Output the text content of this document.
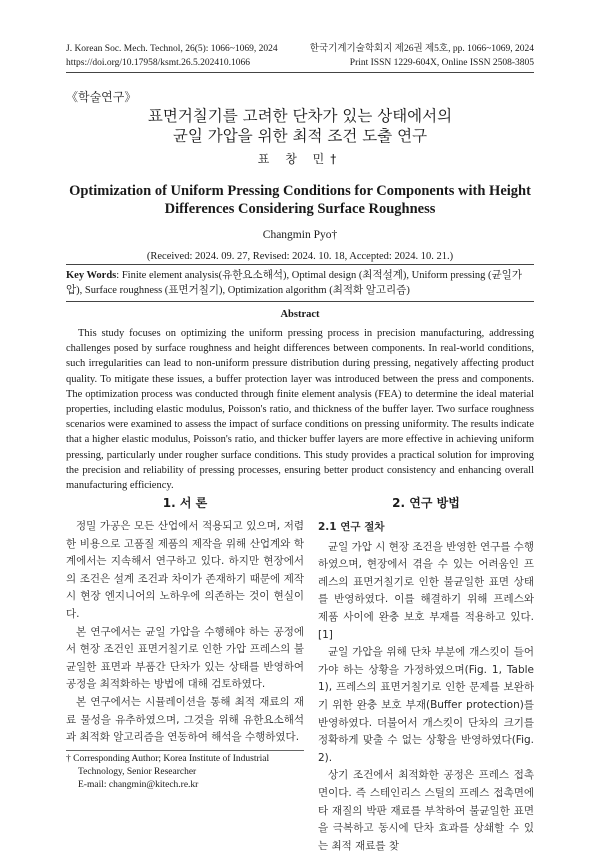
J. Korean Soc. Mech. Technol, 26(5): 1066~1069, 2024
https://doi.org/10.17958/ksmt.26.5.202410.1066
한국기계기술학회지 제26권 제5호, pp. 1066~1069, 2024
Print ISSN 1229-604X, Online ISSN 2508-3805
《학술연구》
표면거칠기를 고려한 단차가 있는 상태에서의
균일 가압을 위한 최적 조건 도출 연구
표 창 민†
Optimization of Uniform Pressing Conditions for Components with Height
Differences Considering Surface Roughness
Changmin Pyo†
(Received: 2024. 09. 27, Revised: 2024. 10. 18, Accepted: 2024. 10. 21.)
Key Words: Finite element analysis(유한요소해석), Optimal design (최적설계), Uniform pressing (균일가압), Surface roughness (표면거칠기), Optimization algorithm (최적화 알고리즘)
Abstract
This study focuses on optimizing the uniform pressing process in precision manufacturing, addressing challenges posed by surface roughness and height differences between components. In real-world conditions, such irregularities can lead to non-uniform pressure distribution during pressing, negatively affecting product quality. To mitigate these issues, a buffer protection layer was introduced between the press and components. The optimization process was conducted through finite element analysis (FEA) to determine the ideal material properties, including elastic modulus, Poisson's ratio, and thickness of the buffer layer. Two surface roughness scenarios were examined to assess the impact of surface conditions on pressing uniformity. The results indicate that a higher elastic modulus, Poisson's ratio, and thicker buffer layers are more effective in achieving uniform pressing, particularly under rougher surface conditions. This study provides a practical solution for improving the precision and reliability of pressing processes, ensuring better product consistency and enhancing overall manufacturing efficiency.
1. 서 론	2. 연구 방법

정밀 가공은 모든 산업에서 적용되고 있으며, 저렴한 비용으로 고품질 제품의 제작을 위해 산업계와 학계에서는 지속해서 연구하고 있다. 하지만 현장에서의 조건은 설계 조건과 차이가 존재하기 때문에 제작 시 현장 엔지니어의 노하우에 의존하는 것이 현실이다.

본 연구에서는 균일 가압을 수행해야 하는 공정에서 현장 조건인 표면거칠기로 인한 가압 프레스의 불균일한 표면과 부품간 단차가 있는 상태를 반영하여 공정을 최적화하는 방법에 대해 검토하였다.

본 연구에서는 시뮬레이션을 통해 최적 재료의 재료 물성을 유추하였으며, 그것을 위해 유한요소해석과 최적화 알고리즘을 연동하여 해석을 수행하였다.

† Corresponding Author; Korea Institute of Industrial
Technology, Senior Researcher
E-mail: changmin@kitech.re.kr
2.1 연구 절차

균일 가압 시 현장 조건을 반영한 연구를 수행하였으며, 현장에서 겪을 수 있는 어려움인 프레스의 표면거칠기로 인한 불균일한 표면 상태를 반영하였다. 이를 해결하기 위해 프레스와 제품 사이에 완충 보호 부재를 적용하고 있다.[1]

균일 가압을 위해 단차 부분에 개스킷이 들어가야 하는 상황을 가정하였으며(Fig. 1, Table 1), 프레스의 표면거칠기로 인한 문제를 보완하기 위한 완충 보호 부재(Buffer protection)를 반영하였다. 더불어서 개스킷이 단차의 크기를 정확하게 맞출 수 없는 상황을 반영하였다(Fig. 2).

상기 조건에서 최적화한 공정은 프레스 접촉면이다. 즉 스테인리스 스틸의 프레스 접촉면에 타 재질의 박판 재료를 부착하여 불균일한 표면을 극복하고 동시에 단차 효과를 상쇄할 수 있는 최적 재료를 찾
